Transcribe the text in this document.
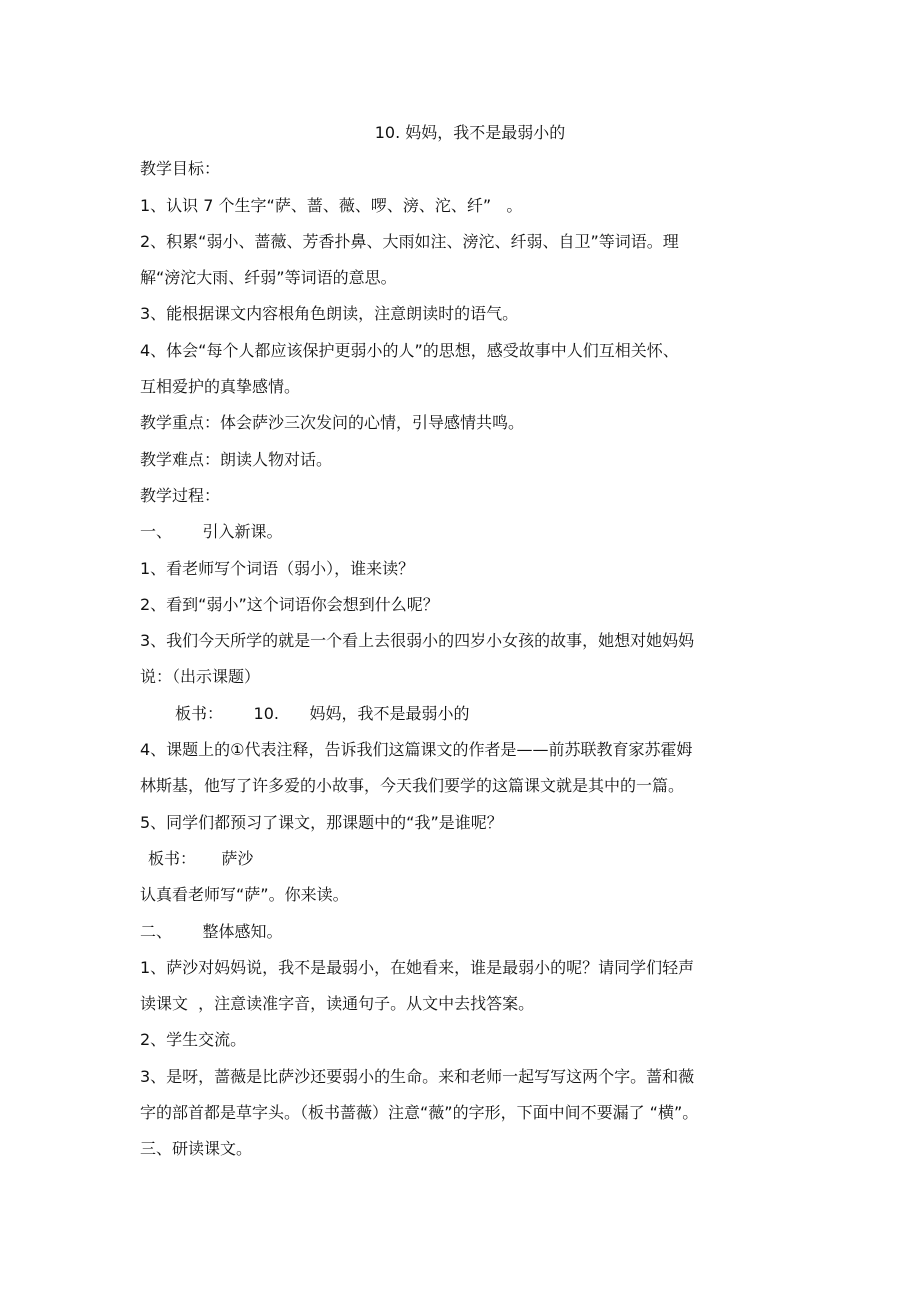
10. 妈妈，我不是最弱小的
教学目标：
1、认识 7 个生字“萨、蔷、薇、啰、滂、沱、纤”   。
2、积累“弱小、蔷薇、芳香扑鼻、大雨如注、滂沱、纤弱、自卫”等词语。理
解“滂沱大雨、纤弱”等词语的意思。
3、能根据课文内容根角色朗读，注意朗读时的语气。
4、体会“每个人都应该保护更弱小的人”的思想，感受故事中人们互相关怀、
互相爱护的真挚感情。
教学重点：体会萨沙三次发问的心情，引导感情共鸣。
教学难点：朗读人物对话。
教学过程：
一、      引入新课。
1、看老师写个词语（弱小），谁来读？
2、看到“弱小”这个词语你会想到什么呢？
3、我们今天所学的就是一个看上去很弱小的四岁小女孩的故事，她想对她妈妈
说：（出示课题）
板书：      10.      妈妈，我不是最弱小的
4、课题上的①代表注释，告诉我们这篇课文的作者是——前苏联教育家苏霍姆
林斯基，他写了许多爱的小故事，今天我们要学的这篇课文就是其中的一篇。
5、同学们都预习了课文，那课题中的“我”是谁呢？
板书：     萨沙
认真看老师写“萨”。你来读。
二、      整体感知。
1、萨沙对妈妈说，我不是最弱小，在她看来，谁是最弱小的呢？请同学们轻声
读课文  ，注意读准字音，读通句子。从文中去找答案。
2、学生交流。
3、是呀，蔷薇是比萨沙还要弱小的生命。来和老师一起写写这两个字。蔷和薇
字的部首都是草字头。（板书蔷薇）注意“薇”的字形，下面中间不要漏了 “横”。
三、研读课文。
